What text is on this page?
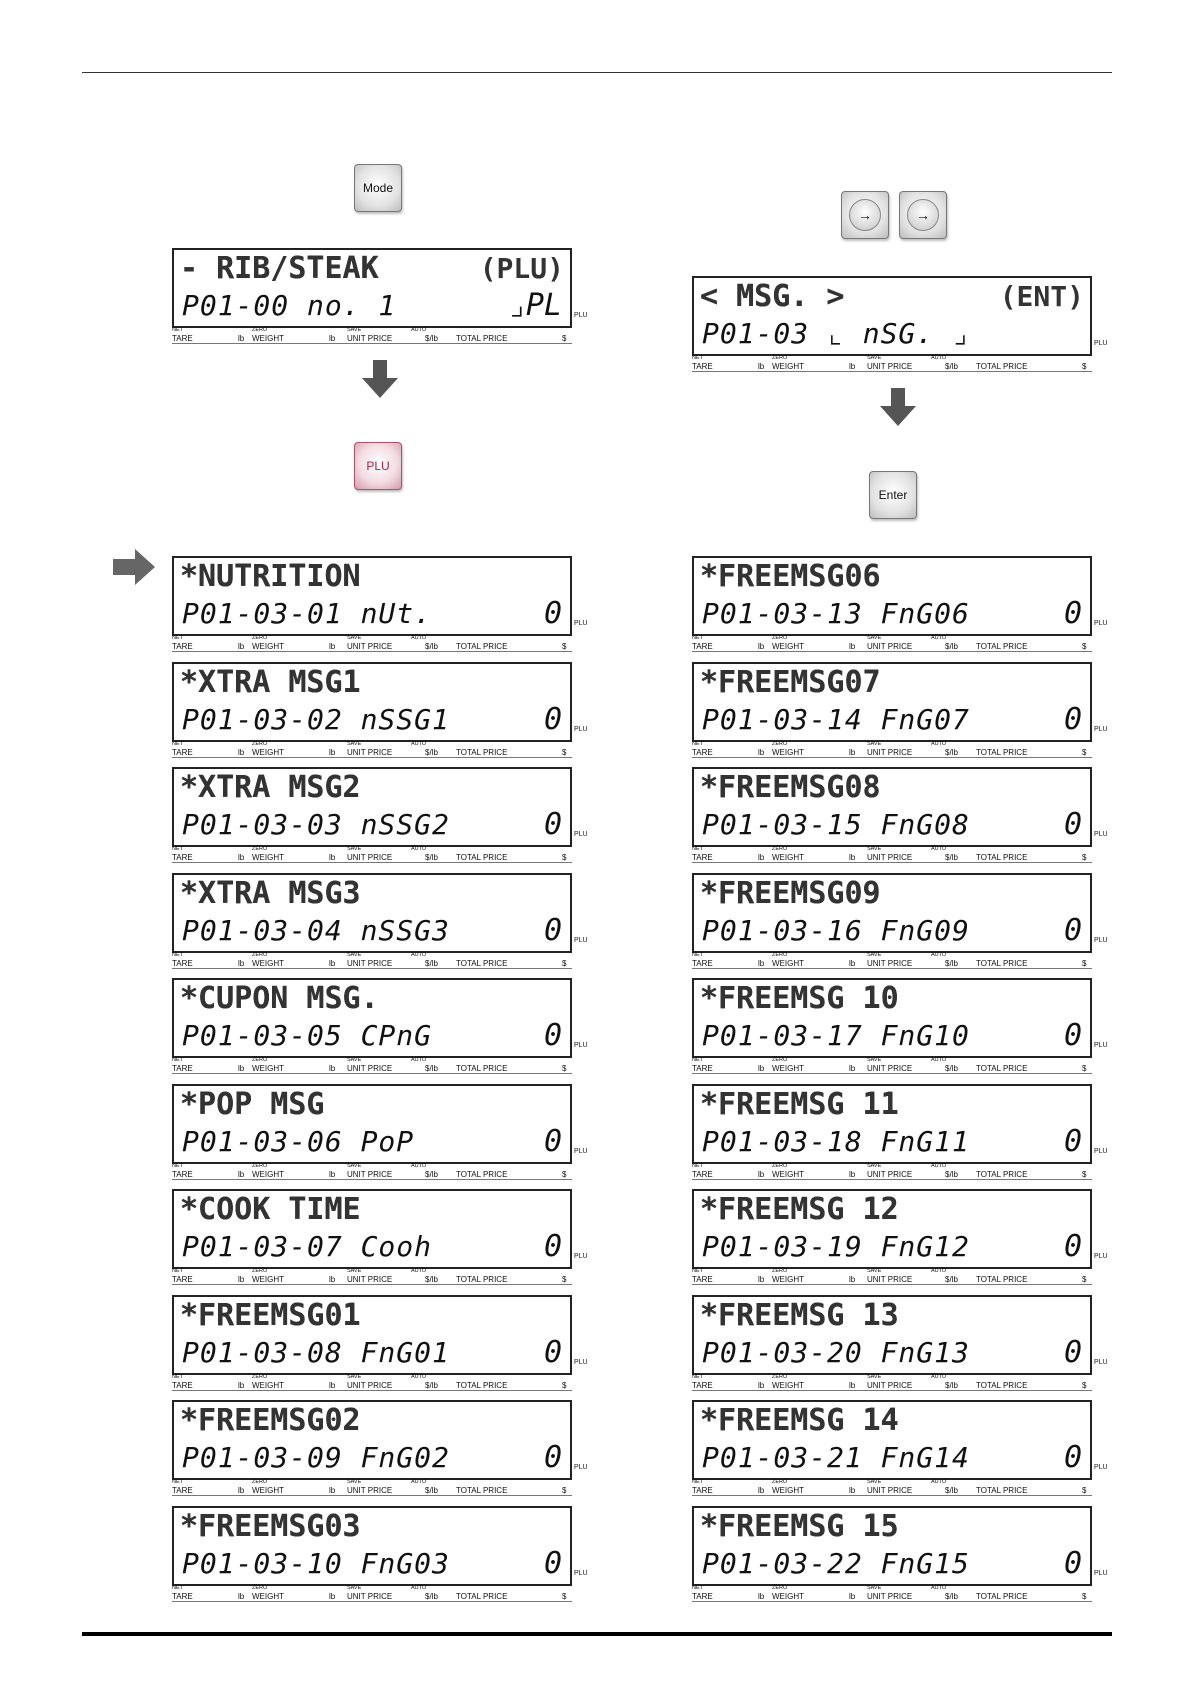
Mode
PLU
→	→
Enter
- RIB/STEAK	(PLU)
P01-00 no. 1	⌟PL PLU
NET
TARE	lb
ZERO
WEIGHT	lb
SAVE
UNIT PRICE
AUTO
$/lb TOTAL PRICE	$
< MSG. >	(ENT)
P01-03 ⌞ nSG. ⌟	PLU
NET
TARE	lb
ZERO
WEIGHT	lb
SAVE
UNIT PRICE
AUTO
$/lb TOTAL PRICE	$
*NUTRITION
P01-03-01 nUt.	0 PLU
NET
TARE	lb
ZERO
WEIGHT	lb
SAVE
UNIT PRICE
AUTO
$/lb TOTAL PRICE	$
*XTRA MSG1
P01-03-02 nSSG1	0 PLU
NET
TARE	lb
ZERO
WEIGHT	lb
SAVE
UNIT PRICE
AUTO
$/lb TOTAL PRICE	$
*XTRA MSG2
P01-03-03 nSSG2	0 PLU
NET
TARE	lb
ZERO
WEIGHT	lb
SAVE
UNIT PRICE
AUTO
$/lb TOTAL PRICE	$
*XTRA MSG3
P01-03-04 nSSG3	0 PLU
NET
TARE	lb
ZERO
WEIGHT	lb
SAVE
UNIT PRICE
AUTO
$/lb TOTAL PRICE	$
*CUPON MSG.
P01-03-05 CPnG	0 PLU
NET
TARE	lb
ZERO
WEIGHT	lb
SAVE
UNIT PRICE
AUTO
$/lb TOTAL PRICE	$
*POP MSG
P01-03-06 PoP	0 PLU
NET
TARE	lb
ZERO
WEIGHT	lb
SAVE
UNIT PRICE
AUTO
$/lb TOTAL PRICE	$
*COOK TIME
P01-03-07 Cooh	0 PLU
NET
TARE	lb
ZERO
WEIGHT	lb
SAVE
UNIT PRICE
AUTO
$/lb TOTAL PRICE	$
*FREEMSG01
P01-03-08 FnG01	0 PLU
NET
TARE	lb
ZERO
WEIGHT	lb
SAVE
UNIT PRICE
AUTO
$/lb TOTAL PRICE	$
*FREEMSG02
P01-03-09 FnG02	0 PLU
NET
TARE	lb
ZERO
WEIGHT	lb
SAVE
UNIT PRICE
AUTO
$/lb TOTAL PRICE	$
*FREEMSG03
P01-03-10 FnG03	0 PLU
NET
TARE	lb
ZERO
WEIGHT	lb
SAVE
UNIT PRICE
AUTO
$/lb TOTAL PRICE	$
*FREEMSG06
P01-03-13 FnG06	0 PLU
NET
TARE	lb
ZERO
WEIGHT	lb
SAVE
UNIT PRICE
AUTO
$/lb TOTAL PRICE	$
*FREEMSG07
P01-03-14 FnG07	0 PLU
NET
TARE	lb
ZERO
WEIGHT	lb
SAVE
UNIT PRICE
AUTO
$/lb TOTAL PRICE	$
*FREEMSG08
P01-03-15 FnG08	0 PLU
NET
TARE	lb
ZERO
WEIGHT	lb
SAVE
UNIT PRICE
AUTO
$/lb TOTAL PRICE	$
*FREEMSG09
P01-03-16 FnG09	0 PLU
NET
TARE	lb
ZERO
WEIGHT	lb
SAVE
UNIT PRICE
AUTO
$/lb TOTAL PRICE	$
*FREEMSG 10
P01-03-17 FnG10	0 PLU
NET
TARE	lb
ZERO
WEIGHT	lb
SAVE
UNIT PRICE
AUTO
$/lb TOTAL PRICE	$
*FREEMSG 11
P01-03-18 FnG11	0 PLU
NET
TARE	lb
ZERO
WEIGHT	lb
SAVE
UNIT PRICE
AUTO
$/lb TOTAL PRICE	$
*FREEMSG 12
P01-03-19 FnG12	0 PLU
NET
TARE	lb
ZERO
WEIGHT	lb
SAVE
UNIT PRICE
AUTO
$/lb TOTAL PRICE	$
*FREEMSG 13
P01-03-20 FnG13	0 PLU
NET
TARE	lb
ZERO
WEIGHT	lb
SAVE
UNIT PRICE
AUTO
$/lb TOTAL PRICE	$
*FREEMSG 14
P01-03-21 FnG14	0 PLU
NET
TARE	lb
ZERO
WEIGHT	lb
SAVE
UNIT PRICE
AUTO
$/lb TOTAL PRICE	$
*FREEMSG 15
P01-03-22 FnG15	0 PLU
NET
TARE	lb
ZERO
WEIGHT	lb
SAVE
UNIT PRICE
AUTO
$/lb TOTAL PRICE	$
